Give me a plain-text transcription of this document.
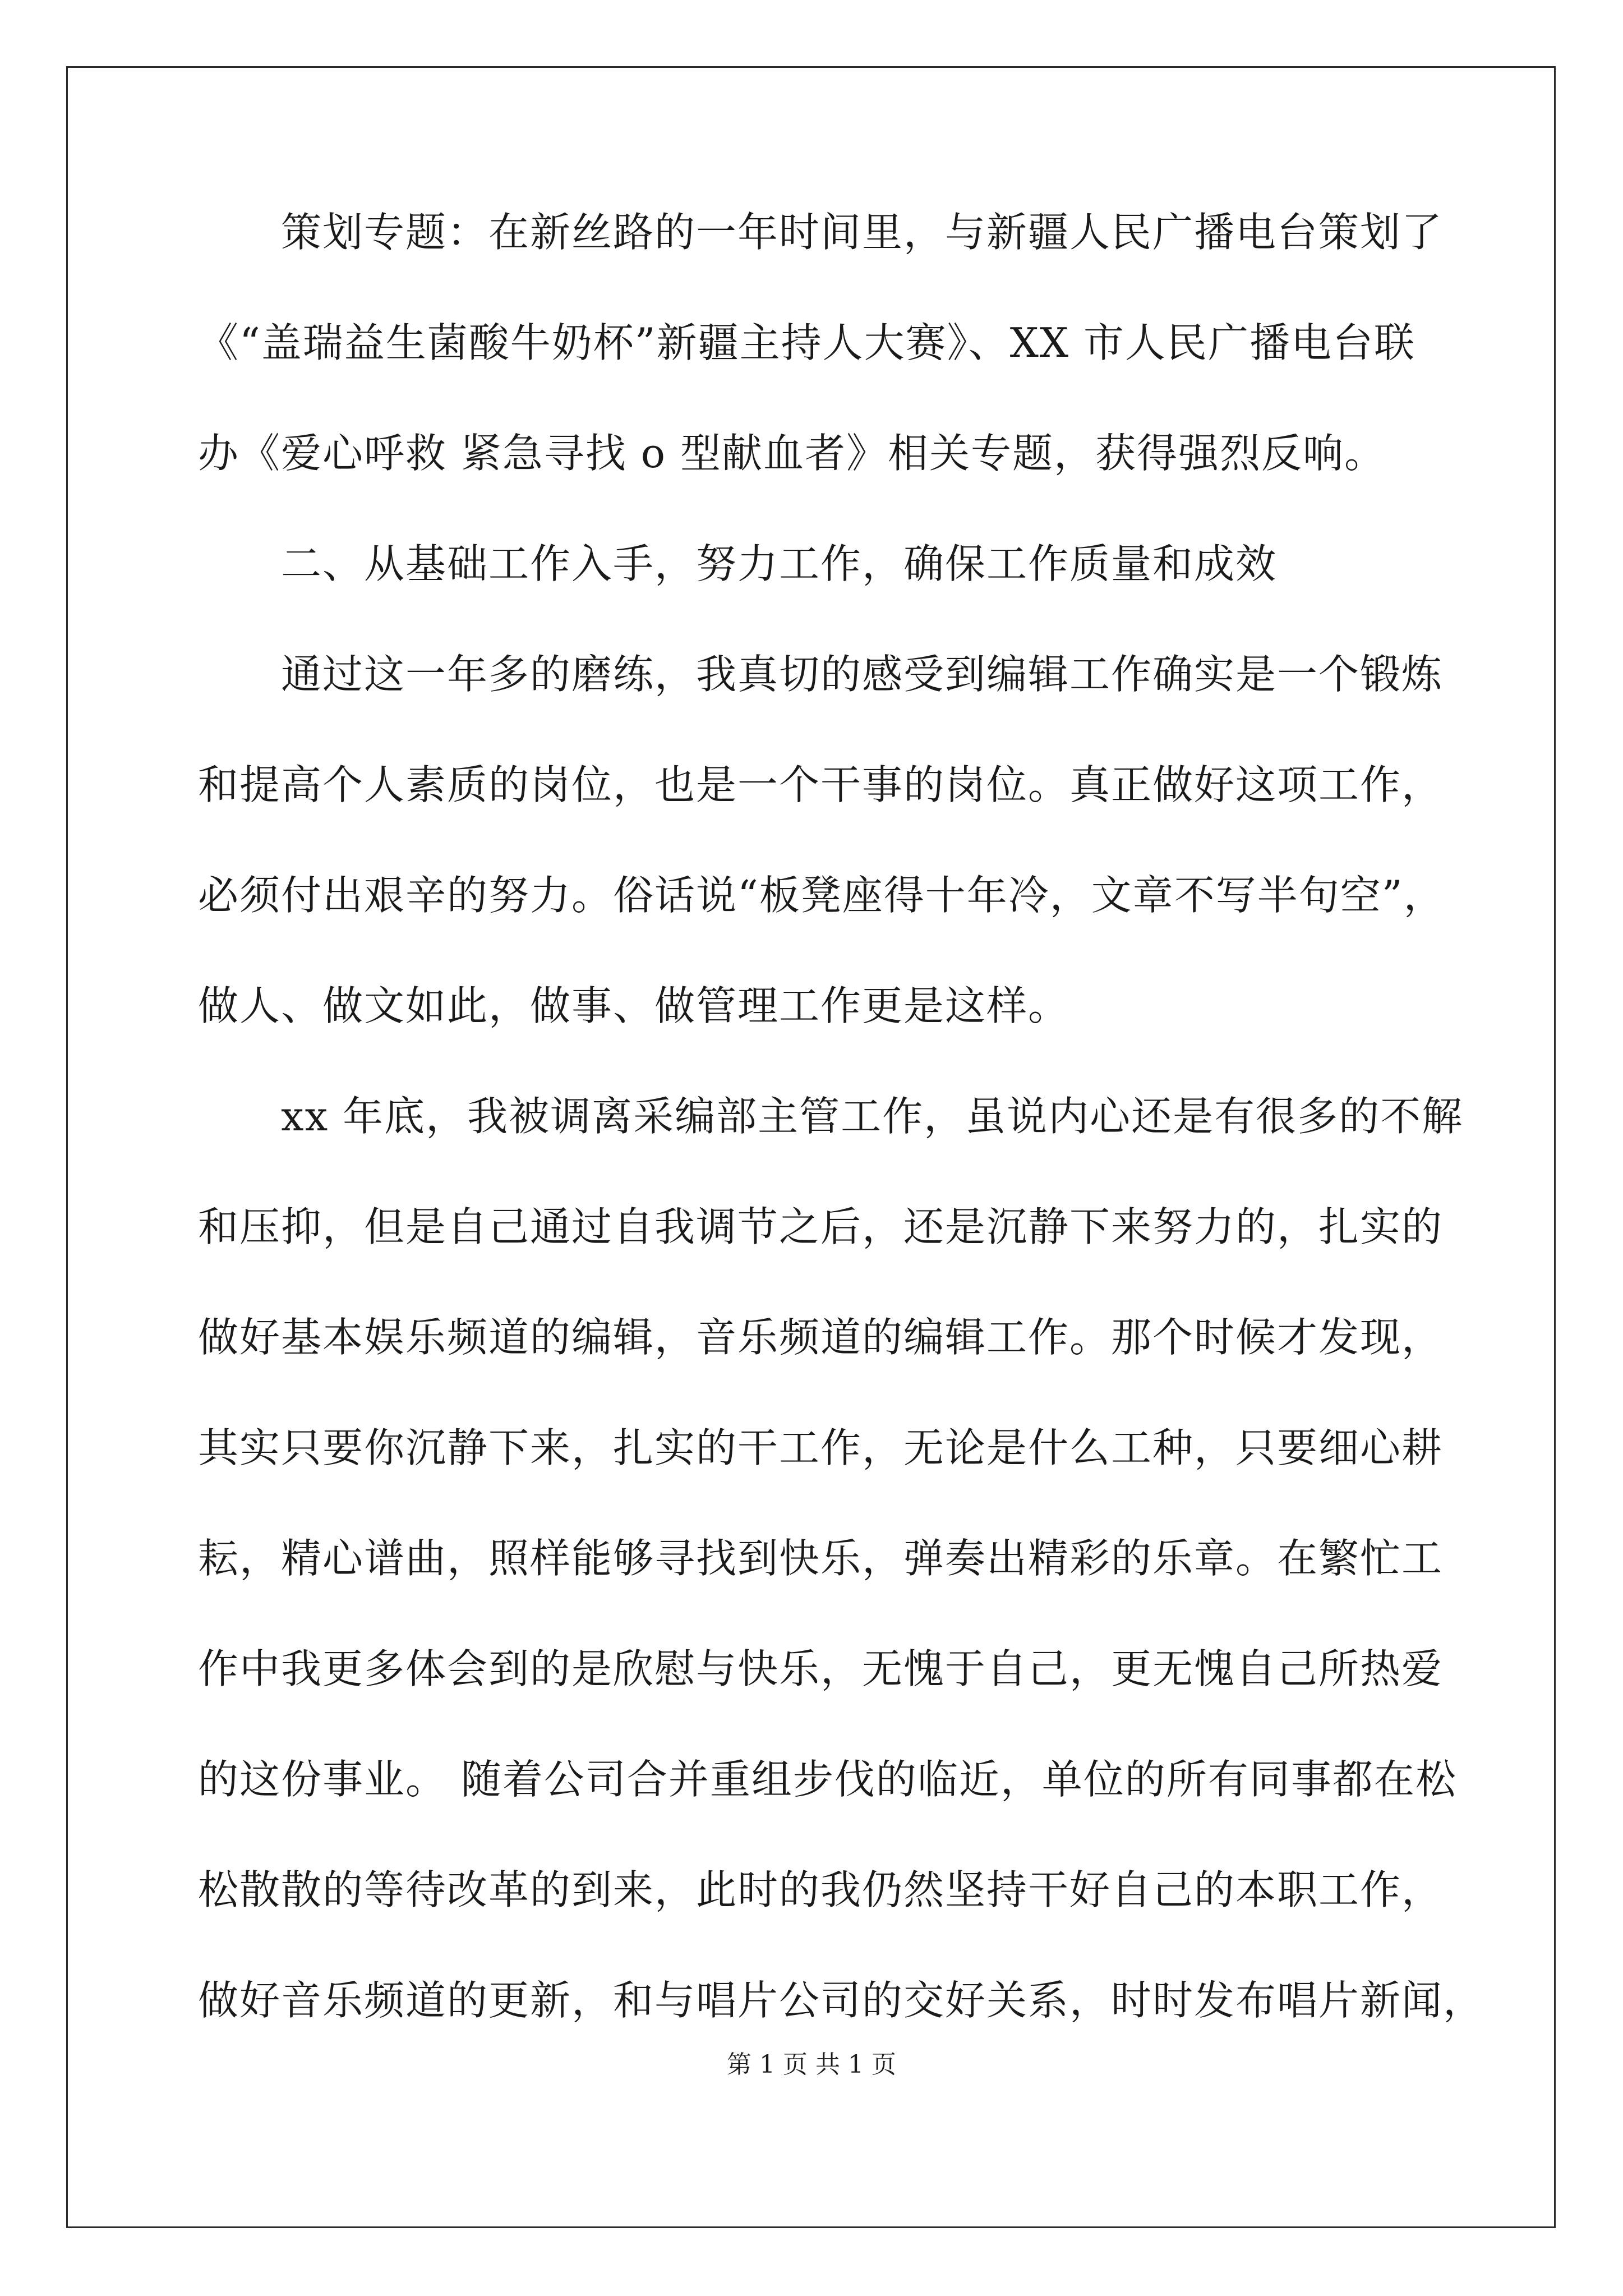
策划专题：在新丝路的一年时间里，与新疆人民广播电台策划了
《“盖瑞益生菌酸牛奶杯”新疆主持人大赛》、XX 市人民广播电台联
办《爱心呼救 紧急寻找 o 型献血者》相关专题，获得强烈反响。
二、从基础工作入手，努力工作，确保工作质量和成效
通过这一年多的磨练，我真切的感受到编辑工作确实是一个锻炼
和提高个人素质的岗位，也是一个干事的岗位。真正做好这项工作，
必须付出艰辛的努力。俗话说“板凳座得十年冷，文章不写半句空”，
做人、做文如此，做事、做管理工作更是这样。
xx 年底，我被调离采编部主管工作，虽说内心还是有很多的不解
和压抑，但是自己通过自我调节之后，还是沉静下来努力的，扎实的
做好基本娱乐频道的编辑，音乐频道的编辑工作。那个时候才发现，
其实只要你沉静下来，扎实的干工作，无论是什么工种，只要细心耕
耘，精心谱曲，照样能够寻找到快乐，弹奏出精彩的乐章。在繁忙工
作中我更多体会到的是欣慰与快乐，无愧于自己，更无愧自己所热爱
的这份事业。 随着公司合并重组步伐的临近，单位的所有同事都在松
松散散的等待改革的到来，此时的我仍然坚持干好自己的本职工作，
做好音乐频道的更新，和与唱片公司的交好关系，时时发布唱片新闻，
第 1 页 共 1 页
